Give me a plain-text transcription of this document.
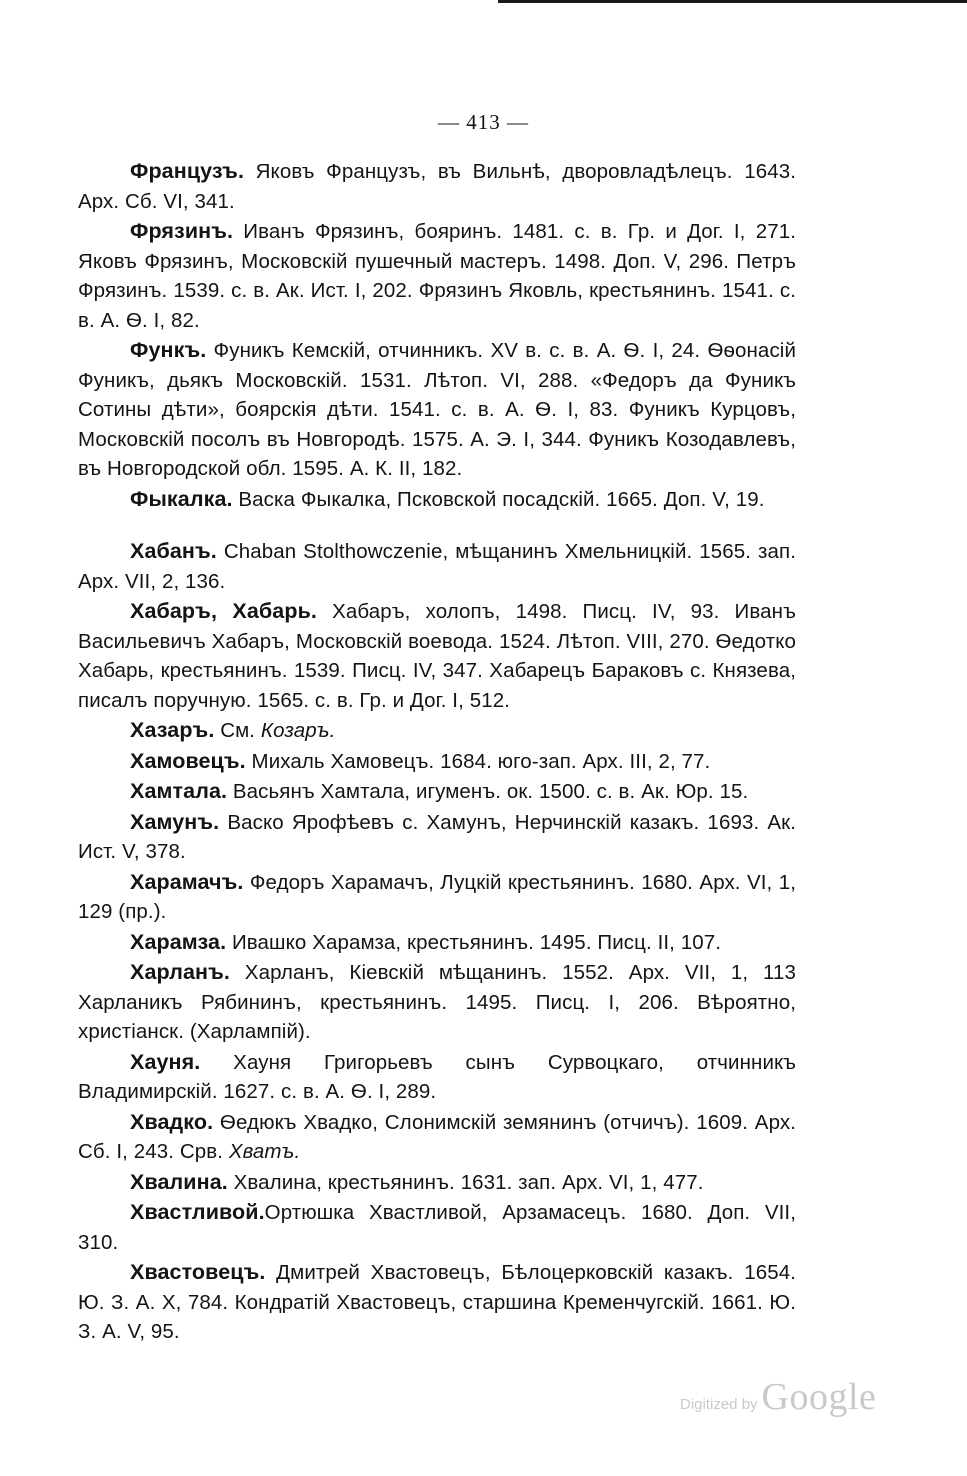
— 413 —

Французъ. Яковъ Французъ, въ Вильнѣ, дворовладѣлецъ. 1643. Арх. Сб. VI, 341.

Фрязинъ. Иванъ Фрязинъ, бояринъ. 1481. с. в. Гр. и Дог. I, 271. Яковъ Фрязинъ, Московскій пушечный мастеръ. 1498. Доп. V, 296. Петръ Фрязинъ. 1539. с. в. Ак. Ист. I, 202. Фрязинъ Яковль, крестьянинъ. 1541. с. в. А. Ѳ. I, 82.

Функъ. Фуникъ Кемскій, отчинникъ. XV в. с. в. А. Ѳ. I, 24. Ѳѳонасій Фуникъ, дьякъ Московскій. 1531. Лѣтоп. VI, 288. «Федоръ да Фуникъ Сотины дѣти», боярскія дѣти. 1541. с. в. А. Ѳ. I, 83. Фуникъ Курцовъ, Московскій посолъ въ Новгородѣ. 1575. А. Э. I, 344. Фуникъ Козодавлевъ, въ Новгородской обл. 1595. А. К. II, 182.

Фыкалка. Васка Фыкалка, Псковской посадскій. 1665. Доп. V, 19.

Хабанъ. Chaban Stolthowczenie, мѣщанинъ Хмельницкій. 1565. зап. Арх. VII, 2, 136.

Хабаръ, Хабарь. Хабаръ, холопъ, 1498. Писц. IV, 93. Иванъ Васильевичъ Хабаръ, Московскій воевода. 1524. Лѣтоп. VIII, 270. Ѳедотко Хабарь, крестьянинъ. 1539. Писц. IV, 347. Хабарецъ Бараковъ с. Князева, писалъ поручную. 1565. с. в. Гр. и Дог. I, 512.

Хазаръ. См. Козаръ.

Хамовецъ. Михаль Хамовецъ. 1684. юго-зап. Арх. III, 2, 77.

Хамтала. Васьянъ Хамтала, игуменъ. ок. 1500. с. в. Ак. Юр. 15.

Хамунъ. Васко Ярофѣевъ с. Хамунъ, Нерчинскій казакъ. 1693. Ак. Ист. V, 378.

Харамачъ. Федоръ Харамачъ, Луцкій крестьянинъ. 1680. Арх. VI, 1, 129 (пр.).

Харамза. Ивашко Харамза, крестьянинъ. 1495. Писц. II, 107.

Харланъ. Харланъ, Кіевскій мѣщанинъ. 1552. Арх. VII, 1, 113 Харланикъ Рябининъ, крестьянинъ. 1495. Писц. I, 206. Вѣроятно, христіанск. (Харлампій).

Хауня. Хауня Григорьевъ сынъ Сурвоцкаго, отчинникъ Владимирскій. 1627. с. в. А. Ѳ. I, 289.

Хвадко. Ѳедюкъ Хвадко, Слонимскій земянинъ (отчичъ). 1609. Арх. Сб. I, 243. Срв. Хватъ.

Хвалина. Хвалина, крестьянинъ. 1631. зап. Арх. VI, 1, 477.

Хвастливой.Ортюшка Хвастливой, Арзамасецъ. 1680. Доп. VII, 310.

Хвастовецъ. Дмитрей Хвастовецъ, Бѣлоцерковскій казакъ. 1654. Ю. З. А. X, 784. Кондратій Хвастовецъ, старшина Кременчугскій. 1661. Ю. З. А. V, 95.

Digitized by Google
